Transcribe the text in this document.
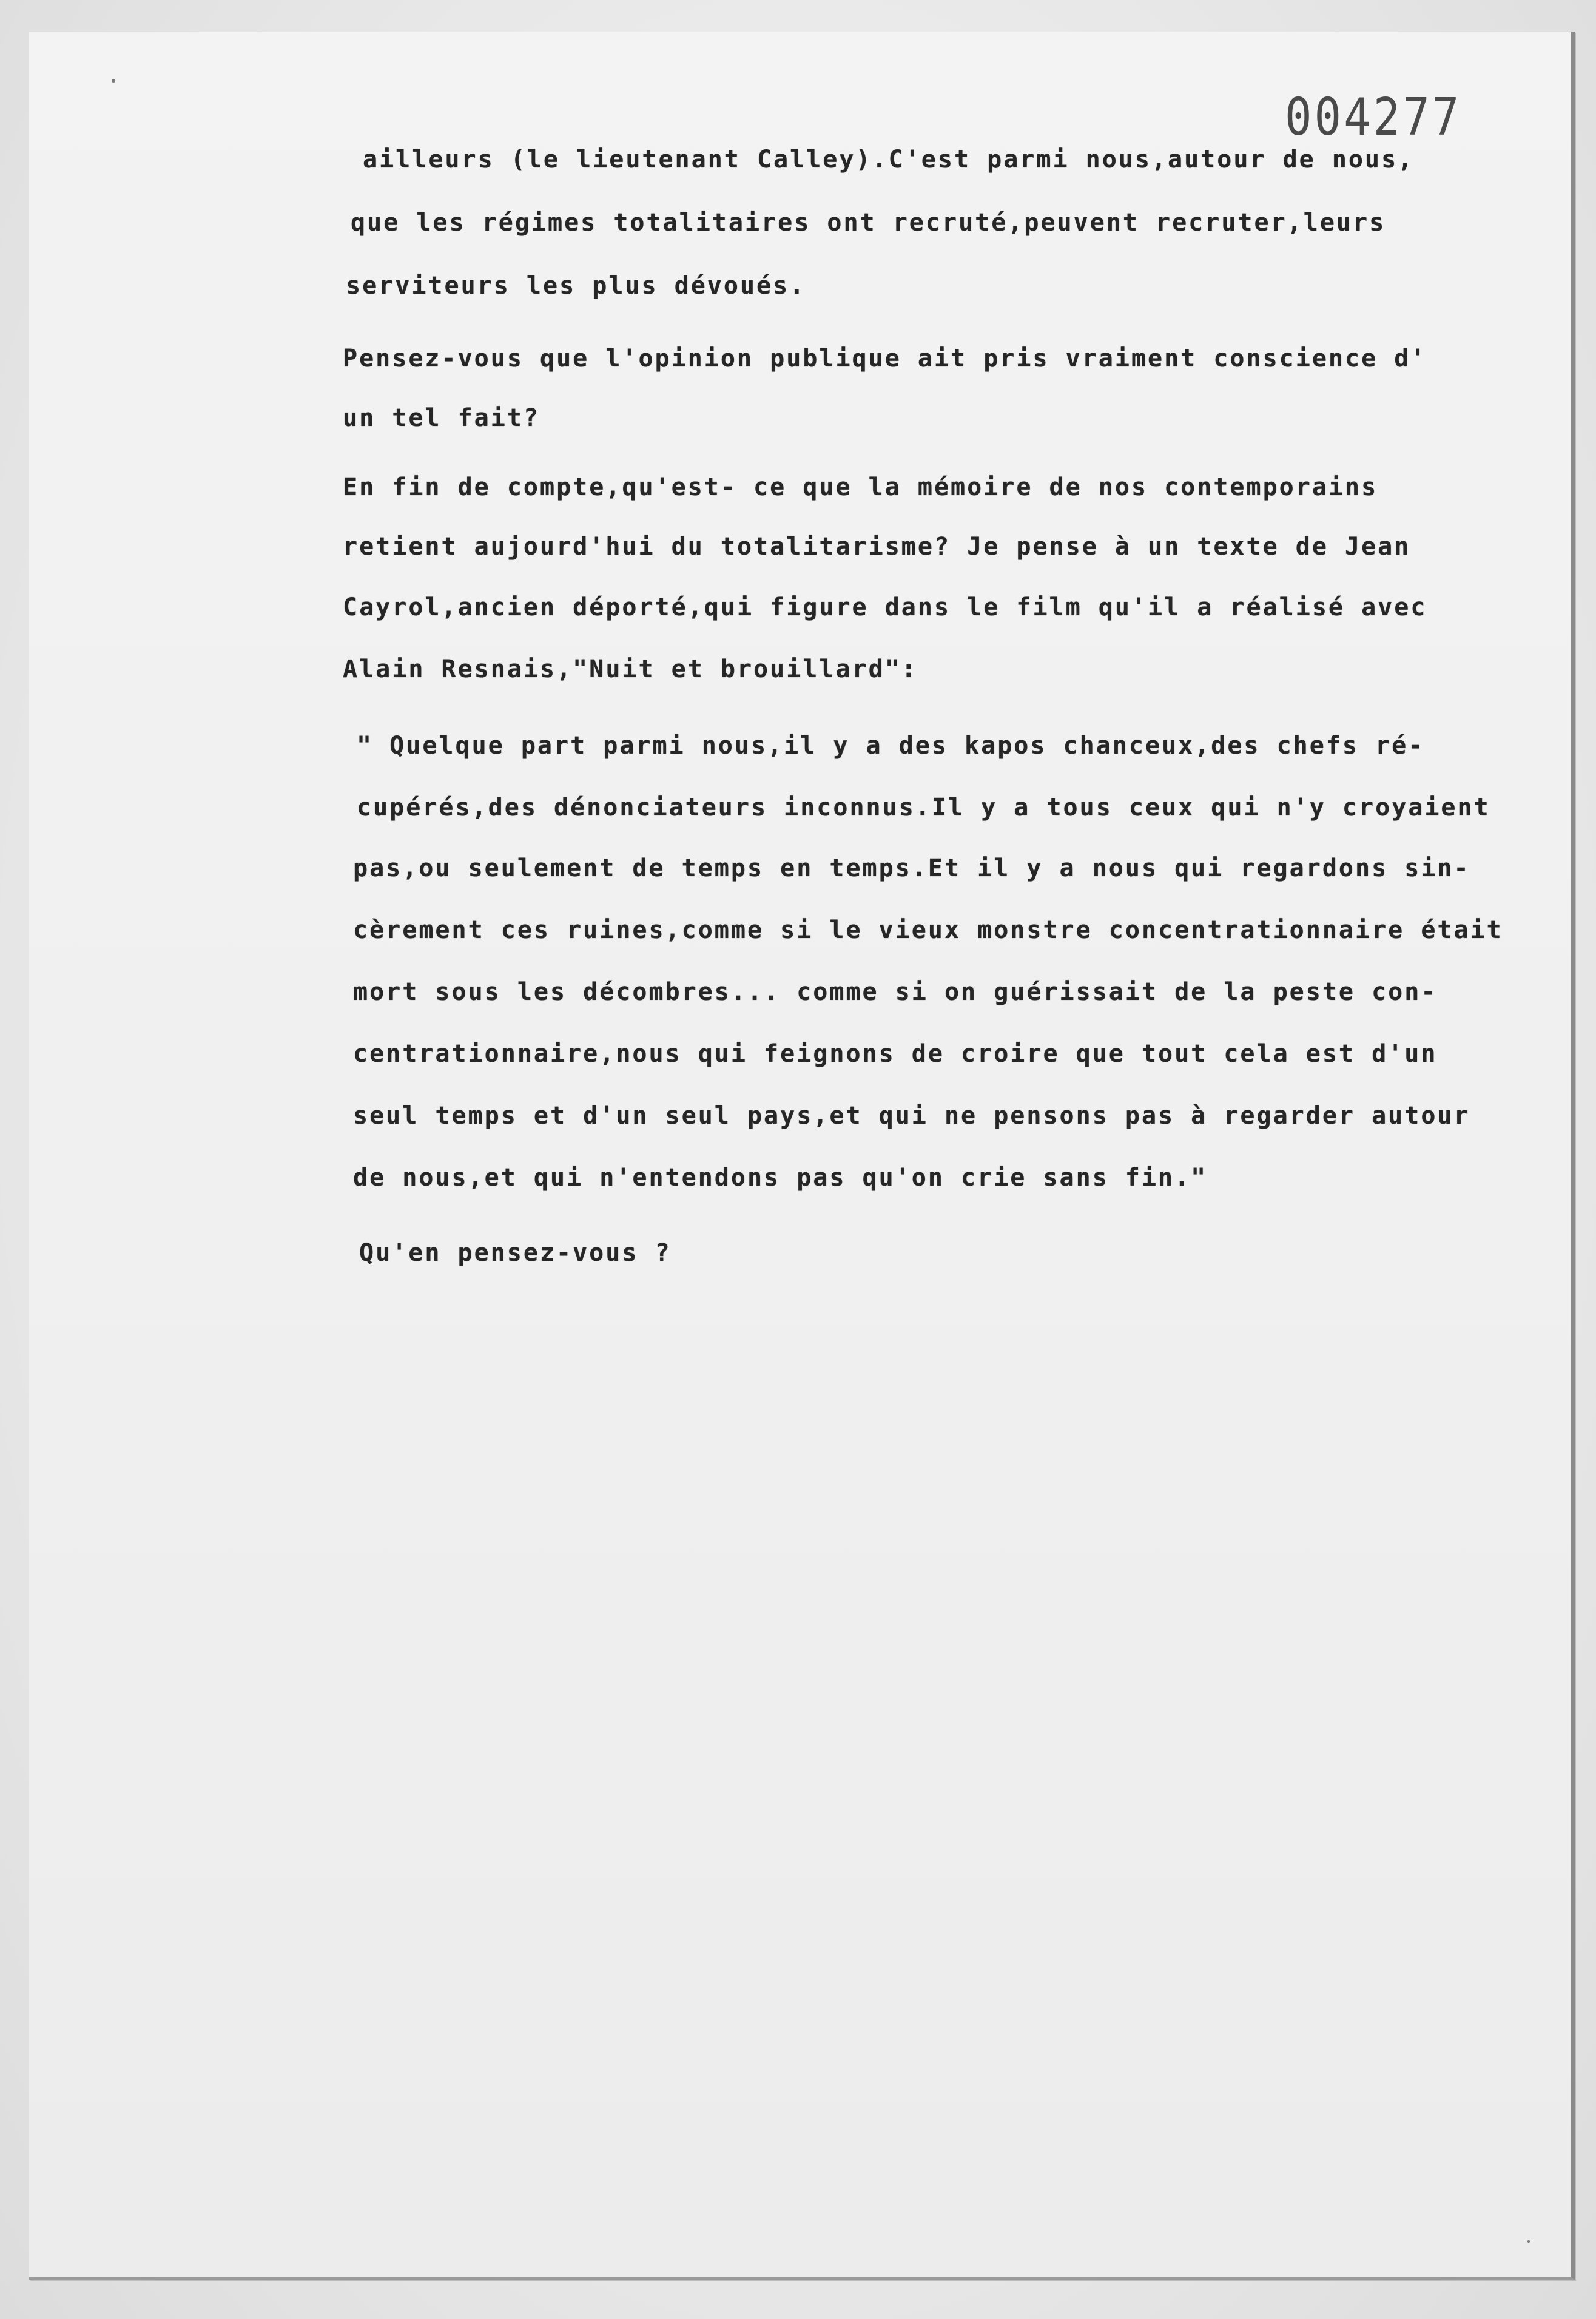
004277
ailleurs (le lieutenant Calley).C'est parmi nous,autour de nous,
que les régimes totalitaires ont recruté,peuvent recruter,leurs
serviteurs les plus dévoués.
Pensez-vous que l'opinion publique ait pris vraiment conscience d'
un tel fait?
En fin de compte,qu'est- ce que la mémoire de nos contemporains
retient aujourd'hui du totalitarisme? Je pense à un texte de Jean
Cayrol,ancien déporté,qui figure dans le film qu'il a réalisé avec
Alain Resnais,"Nuit et brouillard":
" Quelque part parmi nous,il y a des kapos chanceux,des chefs ré-
cupérés,des dénonciateurs inconnus.Il y a tous ceux qui n'y croyaient
pas,ou seulement de temps en temps.Et il y a nous qui regardons sin-
cèrement ces ruines,comme si le vieux monstre concentrationnaire était
mort sous les décombres... comme si on guérissait de la peste con-
centrationnaire,nous qui feignons de croire que tout cela est d'un
seul temps et d'un seul pays,et qui ne pensons pas à regarder autour
de nous,et qui n'entendons pas qu'on crie sans fin."
Qu'en pensez-vous ?
